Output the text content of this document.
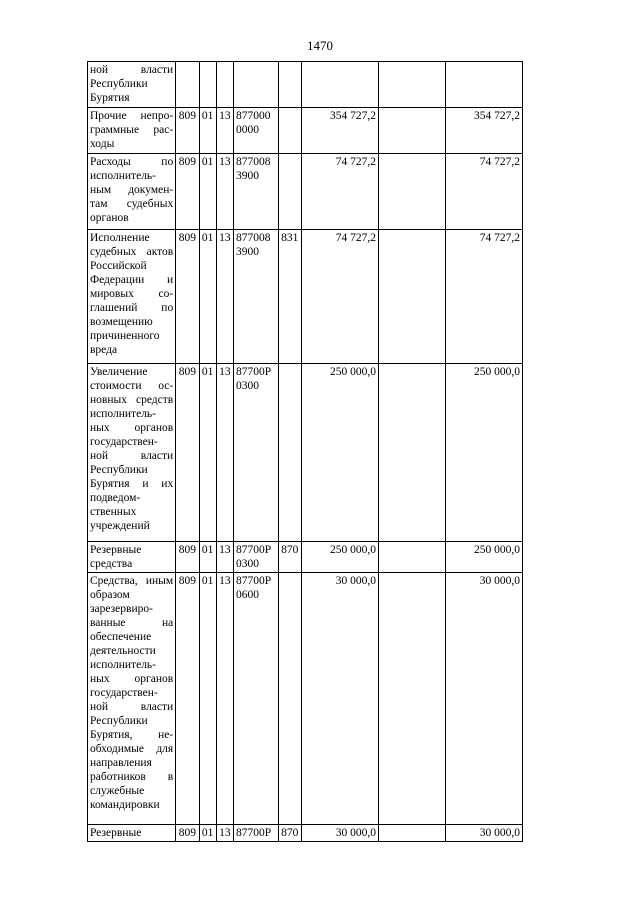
1470
ной власти Республики Бурятия								
Прочие непро-граммные рас-ходы	809	01	13	877000 0000		354 727,2		354 727,2
Расходы по исполнитель-ным докумен-там судебных органов	809	01	13	877008 3900		74 727,2		74 727,2
Исполнение судебных актов Российской Федерации и мировых со-глашений по возмещению причиненного вреда	809	01	13	877008 3900	831	74 727,2		74 727,2
Увеличение стоимости ос-новных средств исполнитель-ных органов государствен-ной власти Республики Бурятия и их подведом-ственных учреждений	809	01	13	87700Р 0300		250 000,0		250 000,0
Резервные средства	809	01	13	87700Р 0300	870	250 000,0		250 000,0
Средства, иным образом зарезервиро-ванные на обеспечение деятельности исполнитель-ных органов государствен-ной власти Республики Бурятия, не-обходимые для направления работников в служебные командировки	809	01	13	87700Р 0600		30 000,0		30 000,0
Резервные	809	01	13	87700Р	870	30 000,0		30 000,0
